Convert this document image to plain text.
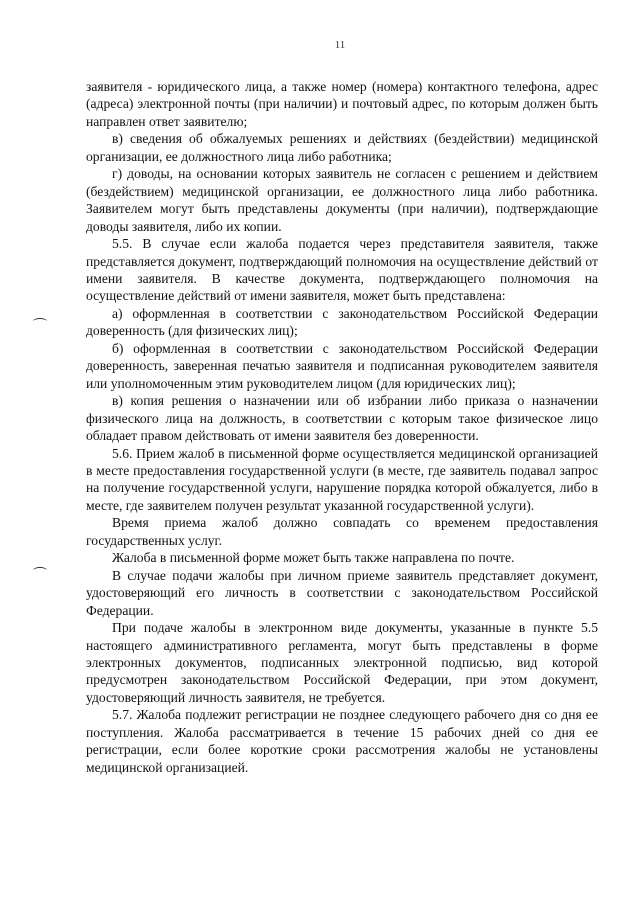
11

заявителя - юридического лица, а также номер (номера) контактного телефона, адрес (адреса) электронной почты (при наличии) и почтовый адрес, по которым должен быть направлен ответ заявителю;

в) сведения об обжалуемых решениях и действиях (бездействии) медицинской организации, ее должностного лица либо работника;

г) доводы, на основании которых заявитель не согласен с решением и действием (бездействием) медицинской организации, ее должностного лица либо работника. Заявителем могут быть представлены документы (при наличии), подтверждающие доводы заявителя, либо их копии.

5.5. В случае если жалоба подается через представителя заявителя, также представляется документ, подтверждающий полномочия на осуществление действий от имени заявителя. В качестве документа, подтверждающего полномочия на осуществление действий от имени заявителя, может быть представлена:

а) оформленная в соответствии с законодательством Российской Федерации доверенность (для физических лиц);

б) оформленная в соответствии с законодательством Российской Федерации доверенность, заверенная печатью заявителя и подписанная руководителем заявителя или уполномоченным этим руководителем лицом (для юридических лиц);

в) копия решения о назначении или об избрании либо приказа о назначении физического лица на должность, в соответствии с которым такое физическое лицо обладает правом действовать от имени заявителя без доверенности.

5.6. Прием жалоб в письменной форме осуществляется медицинской организацией в месте предоставления государственной услуги (в месте, где заявитель подавал запрос на получение государственной услуги, нарушение порядка которой обжалуется, либо в месте, где заявителем получен результат указанной государственной услуги).

Время приема жалоб должно совпадать со временем предоставления государственных услуг.

Жалоба в письменной форме может быть также направлена по почте.

В случае подачи жалобы при личном приеме заявитель представляет документ, удостоверяющий его личность в соответствии с законодательством Российской Федерации.

При подаче жалобы в электронном виде документы, указанные в пункте 5.5 настоящего административного регламента, могут быть представлены в форме электронных документов, подписанных электронной подписью, вид которой предусмотрен законодательством Российской Федерации, при этом документ, удостоверяющий личность заявителя, не требуется.

5.7. Жалоба подлежит регистрации не позднее следующего рабочего дня со дня ее поступления. Жалоба рассматривается в течение 15 рабочих дней со дня ее регистрации, если более короткие сроки рассмотрения жалобы не установлены медицинской организацией.
